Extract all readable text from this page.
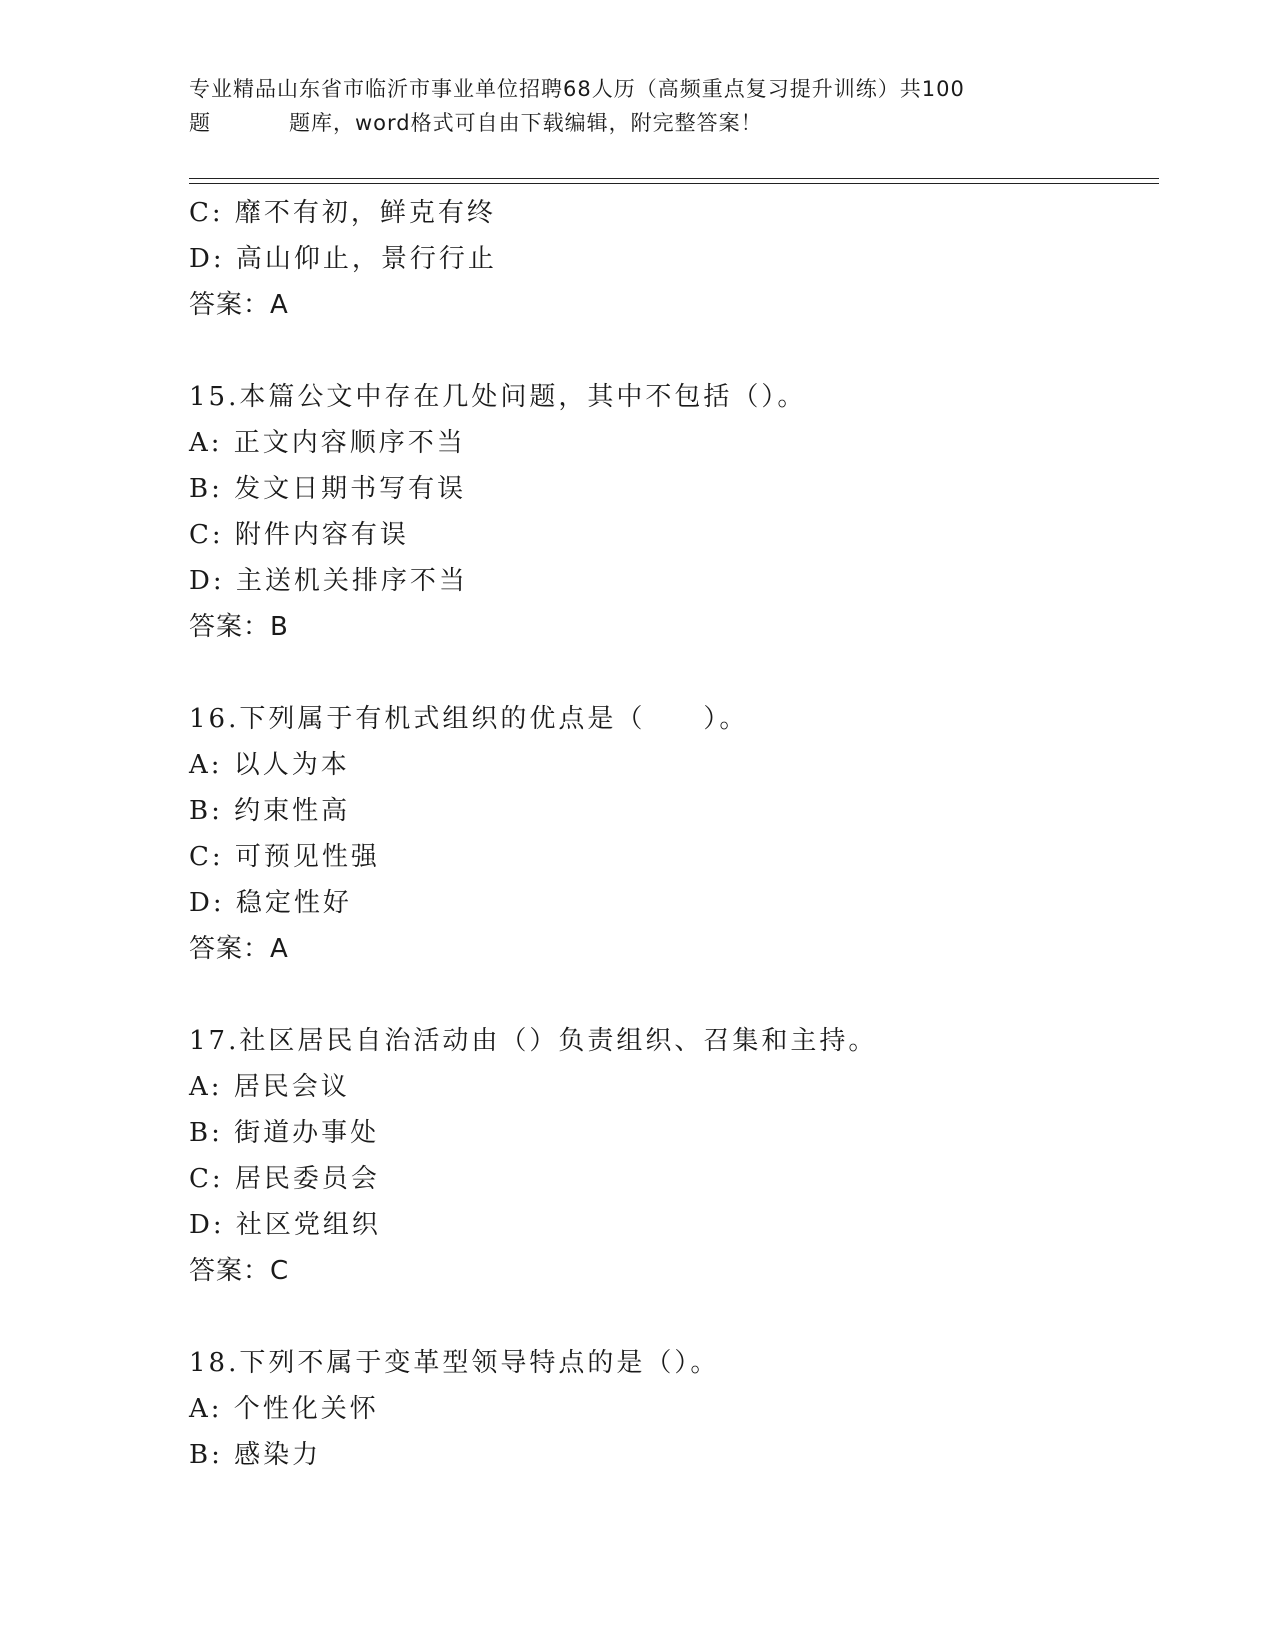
专业精品山东省市临沂市事业单位招聘68人历（高频重点复习提升训练）共100
题	题库，word格式可自由下载编辑，附完整答案！
C: 靡不有初，鲜克有终
D: 高山仰止，景行行止
答案：A
15.本篇公文中存在几处问题，其中不包括（）。
A: 正文内容顺序不当
B: 发文日期书写有误
C: 附件内容有误
D: 主送机关排序不当
答案：B
16.下列属于有机式组织的优点是（　　）。
A: 以人为本
B: 约束性高
C: 可预见性强
D: 稳定性好
答案：A
17.社区居民自治活动由（）负责组织、召集和主持。
A: 居民会议
B: 街道办事处
C: 居民委员会
D: 社区党组织
答案：C
18.下列不属于变革型领导特点的是（）。
A: 个性化关怀
B: 感染力
